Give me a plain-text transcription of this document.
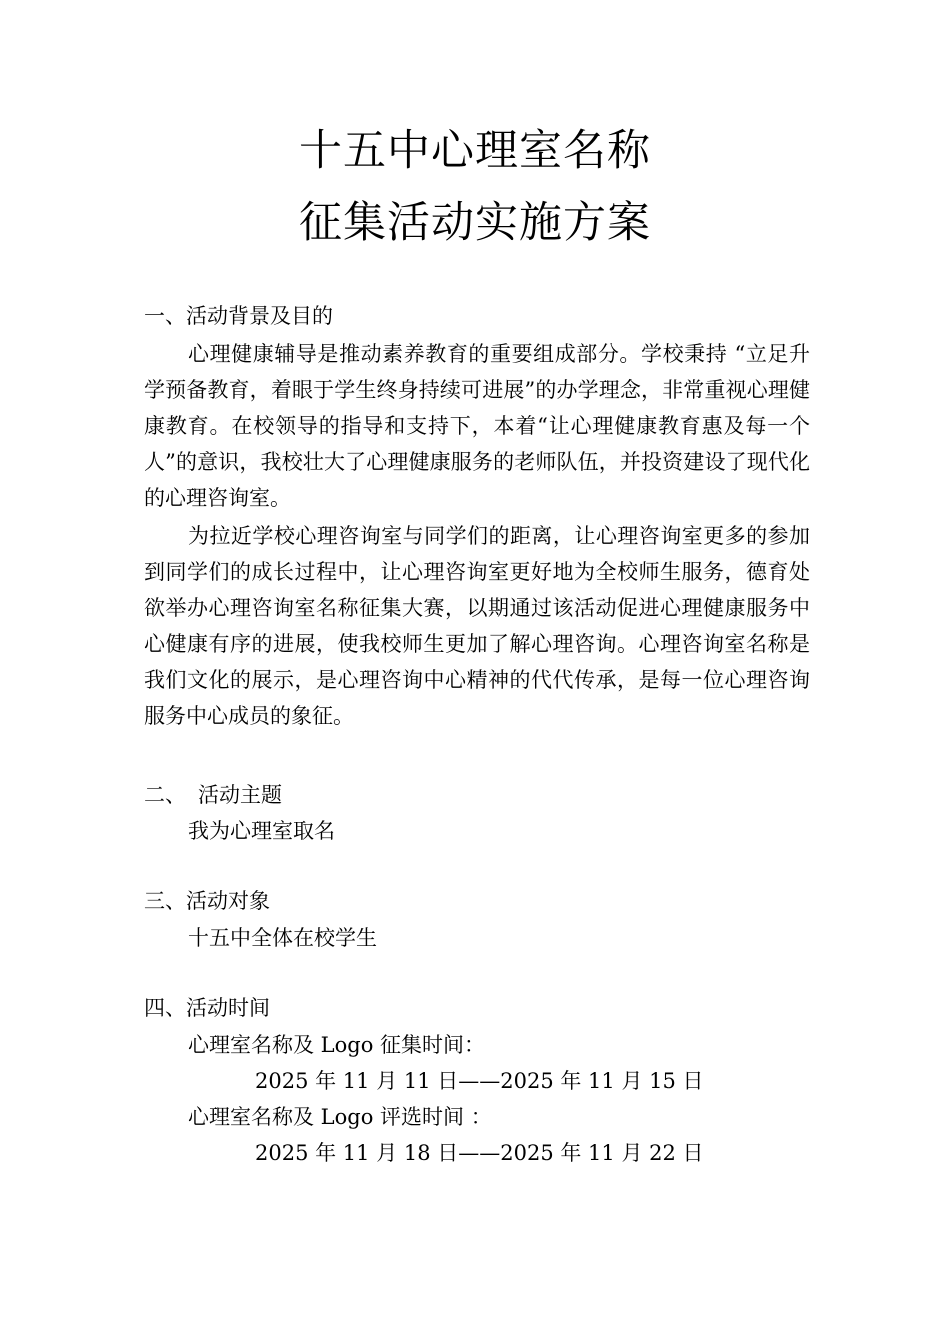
十五中心理室名称
征集活动实施方案
一、活动背景及目的

心理健康辅导是推动素养教育的重要组成部分。学校秉持 “立足升学预备教育，着眼于学生终身持续可进展”的办学理念，非常重视心理健康教育。在校领导的指导和支持下，本着“让心理健康教育惠及每一个人”的意识，我校壮大了心理健康服务的老师队伍，并投资建设了现代化的心理咨询室。

为拉近学校心理咨询室与同学们的距离，让心理咨询室更多的参加到同学们的成长过程中，让心理咨询室更好地为全校师生服务，德育处欲举办心理咨询室名称征集大赛，以期通过该活动促进心理健康服务中心健康有序的进展，使我校师生更加了解心理咨询。心理咨询室名称是我们文化的展示，是心理咨询中心精神的代代传承，是每一位心理咨询服务中心成员的象征。

二、 活动主题

我为心理室取名

三、活动对象

十五中全体在校学生

四、活动时间

心理室名称及 Logo 征集时间：

2025 年 11 月 11 日——2025 年 11 月 15 日

心理室名称及 Logo 评选时间 ：

2025 年 11 月 18 日——2025 年 11 月 22 日
